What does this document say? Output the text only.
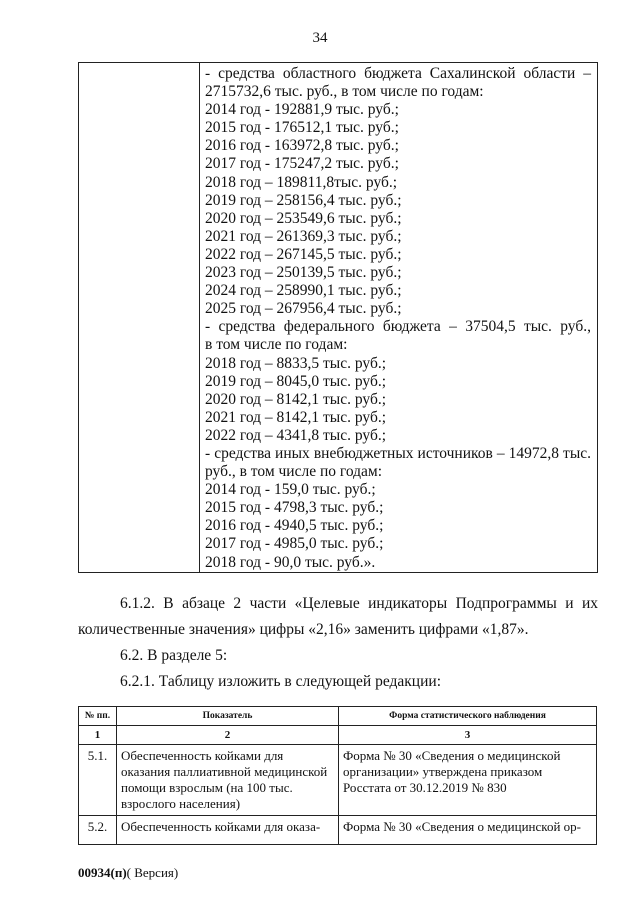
34

- средства областного бюджета Сахалинской области –
2715732,6 тыс. руб., в том числе по годам:
2014 год - 192881,9 тыс. руб.;
2015 год - 176512,1 тыс. руб.;
2016 год - 163972,8 тыс. руб.;
2017 год - 175247,2 тыс. руб.;
2018 год – 189811,8тыс. руб.;
2019 год – 258156,4 тыс. руб.;
2020 год – 253549,6 тыс. руб.;
2021 год – 261369,3 тыс. руб.;
2022 год – 267145,5 тыс. руб.;
2023 год – 250139,5 тыс. руб.;
2024 год – 258990,1 тыс. руб.;
2025 год – 267956,4 тыс. руб.;
- средства федерального бюджета – 37504,5 тыс. руб.,
в том числе по годам:
2018 год – 8833,5 тыс. руб.;
2019 год – 8045,0 тыс. руб.;
2020 год – 8142,1 тыс. руб.;
2021 год – 8142,1 тыс. руб.;
2022 год – 4341,8 тыс. руб.;
- средства иных внебюджетных источников – 14972,8 тыс.
руб., в том числе по годам:
2014 год - 159,0 тыс. руб.;
2015 год - 4798,3 тыс. руб.;
2016 год - 4940,5 тыс. руб.;
2017 год - 4985,0 тыс. руб.;
2018 год - 90,0 тыс. руб.».
6.1.2. В абзаце 2 части «Целевые индикаторы Подпрограммы и их
количественные значения» цифры «2,16» заменить цифрами «1,87».
6.2. В разделе 5:
6.2.1. Таблицу изложить в следующей редакции:
№ пп.	Показатель	Форма статистического наблюдения
1	2	3
5.1.	Обеспеченность койками для оказания паллиативной медицинской помощи взрослым (на 100 тыс. взрослого населения)	Форма № 30 «Сведения о медицинской организации» утверждена приказом Росстата от 30.12.2019 № 830
5.2.	Обеспеченность койками для оказа-	Форма № 30 «Сведения о медицинской ор-
00934(п)( Версия)
